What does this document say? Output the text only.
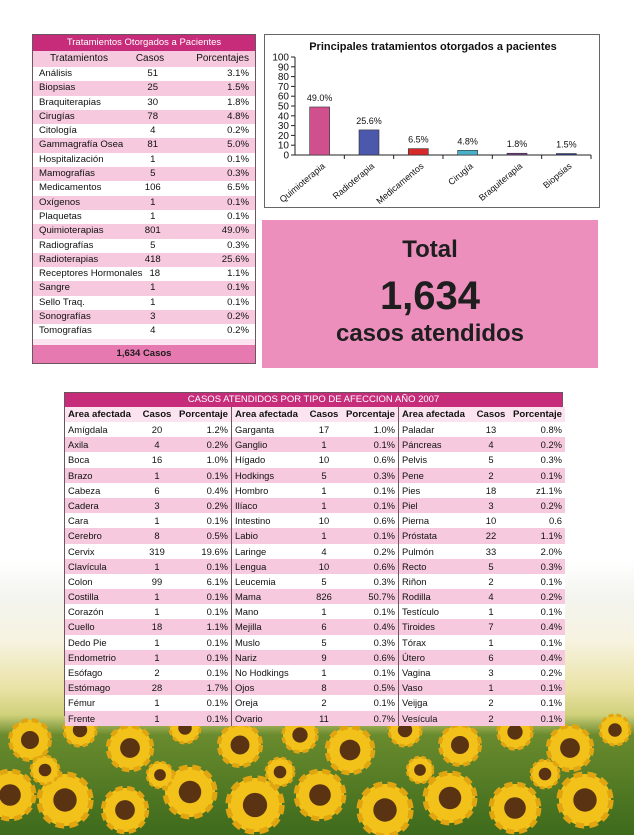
Tratamientos Otorgados a Pacientes
Tratamientos	Casos	Porcentajes
Análisis	51	3.1%
Biopsias	25	1.5%
Braquiterapias	30	1.8%
Cirugías	78	4.8%
Citología	4	0.2%
Gammagrafía Osea	81	5.0%
Hospitalización	1	0.1%
Mamografías	5	0.3%
Medicamentos	106	6.5%
Oxígenos	1	0.1%
Plaquetas	1	0.1%
Quimioterapias	801	49.0%
Radiografías	5	0.3%
Radioterapias	418	25.6%
Receptores Hormonales 18	1.1%
Sangre	1	0.1%
Sello Traq.	1	0.1%
Sonografías	3	0.2%
Tomografías	4	0.2%
1,634 Casos
Principales tratamientos otorgados a pacientes
0
10
20
30
40
50
60
70
80
90
100
49.0%
Quimioterapia
25.6%
Radioterapia
6.5%
Medicamentos
4.8%
Cirugía
1.8%
Braquiterapia
1.5%
Biopsias
Total
1,634
casos atendidos
CASOS ATENDIDOS POR TIPO DE AFECCION AÑO 2007
Area afectada	Casos Porcentaje
Amígdala	20	1.2%
Axila	4	0.2%
Boca	16	1.0%
Brazo	1	0.1%
Cabeza	6	0.4%
Cadera	3	0.2%
Cara	1	0.1%
Cerebro	8	0.5%
Cervix	319	19.6%
Clavícula	1	0.1%
Colon	99	6.1%
Costilla	1	0.1%
Corazón	1	0.1%
Cuello	18	1.1%
Dedo Pie	1	0.1%
Endometrio	1	0.1%
Esófago	2	0.1%
Estómago	28	1.7%
Fémur	1	0.1%
Frente	1	0.1%
Area afectada	Casos Porcentaje
Garganta	17	1.0%
Ganglio	1	0.1%
Hígado	10	0.6%
Hodkings	5	0.3%
Hombro	1	0.1%
Ilíaco	1	0.1%
Intestino	10	0.6%
Labio	1	0.1%
Laringe	4	0.2%
Lengua	10	0.6%
Leucemia	5	0.3%
Mama	826	50.7%
Mano	1	0.1%
Mejilla	6	0.4%
Muslo	5	0.3%
Nariz	9	0.6%
No Hodkings	1	0.1%
Ojos	8	0.5%
Oreja	2	0.1%
Ovario	11	0.7%
Area afectada	Casos Porcentaje
Paladar	13	0.8%
Páncreas	4	0.2%
Pelvis	5	0.3%
Pene	2	0.1%
Pies	18	z1.1%
Piel	3	0.2%
Pierna	10	0.6
Próstata	22	1.1%
Pulmón	33	2.0%
Recto	5	0.3%
Riñon	2	0.1%
Rodilla	4	0.2%
Testículo	1	0.1%
Tiroides	7	0.4%
Tórax	1	0.1%
Útero	6	0.4%
Vagina	3	0.2%
Vaso	1	0.1%
Veijga	2	0.1%
Vesícula	2	0.1%
